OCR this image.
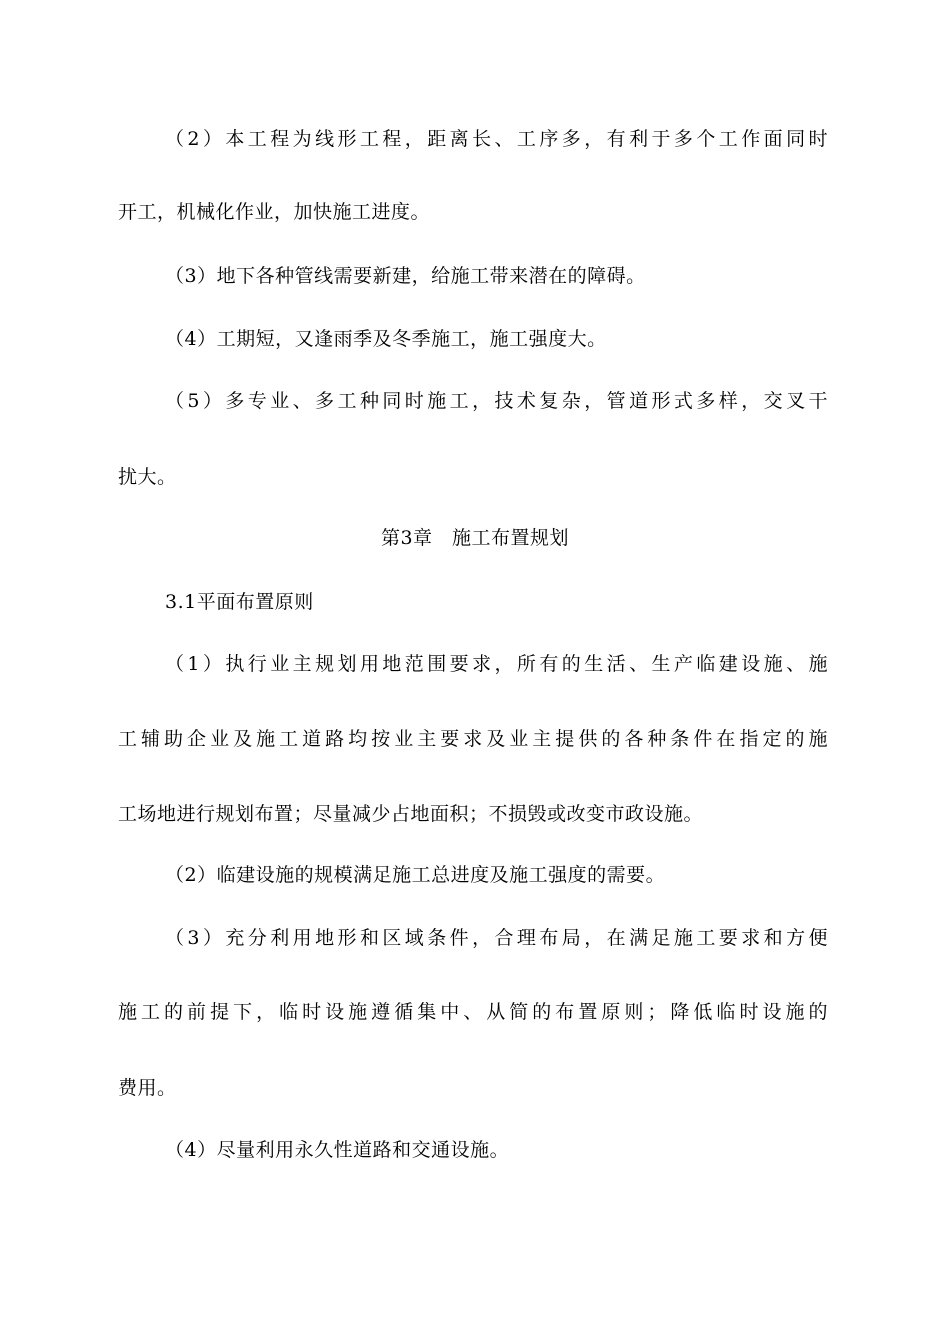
（2）本工程为线形工程，距离长、工序多，有利于多个工作面同时
开工，机械化作业，加快施工进度。
（3）地下各种管线需要新建，给施工带来潜在的障碍。
（4）工期短，又逢雨季及冬季施工，施工强度大。
（5）多专业、多工种同时施工，技术复杂，管道形式多样，交叉干
扰大。
第3章　施工布置规划
3.1平面布置原则
（1）执行业主规划用地范围要求，所有的生活、生产临建设施、施
工辅助企业及施工道路均按业主要求及业主提供的各种条件在指定的施
工场地进行规划布置；尽量减少占地面积；不损毁或改变市政设施。
（2）临建设施的规模满足施工总进度及施工强度的需要。
（3）充分利用地形和区域条件，合理布局，在满足施工要求和方便
施工的前提下，临时设施遵循集中、从简的布置原则；降低临时设施的
费用。
（4）尽量利用永久性道路和交通设施。
